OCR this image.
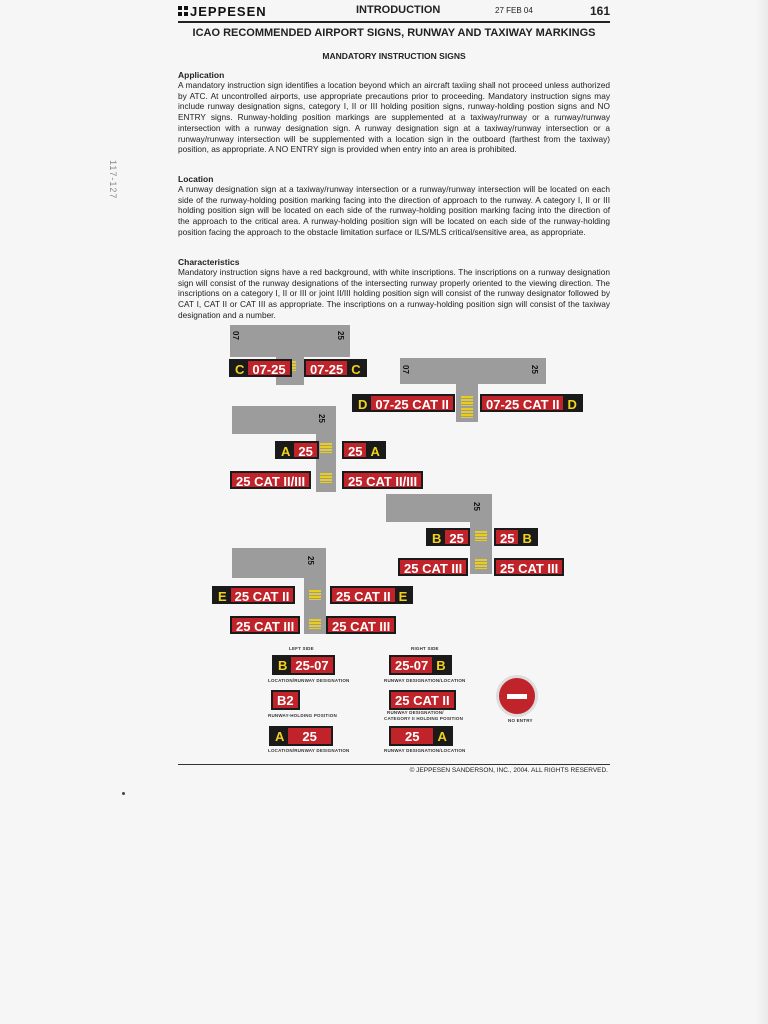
117-127
JEPPESEN	INTRODUCTION	27 FEB 04	161
ICAO RECOMMENDED AIRPORT SIGNS, RUNWAY AND TAXIWAY MARKINGS
MANDATORY INSTRUCTION SIGNS
Application
A mandatory instruction sign identifies a location beyond which an aircraft taxiing shall not proceed unless authorized by ATC. At uncontrolled airports, use appropriate precautions prior to proceeding. Mandatory instruction signs may include runway designation signs, category I, II or III holding position signs, runway-holding postion signs and NO ENTRY signs. Runway-holding position markings are supplemented at a taxiway/runway or a runway/runway intersection with a runway designation sign. A runway designation sign at a taxiway/runway intersection or a runway/runway intersection will be supplemented with a location sign in the outboard (farthest from the taxiway) position, as appropriate. A NO ENTRY sign is provided when entry into an area is prohibited.
Location
A runway designation sign at a taxiway/runway intersection or a runway/runway intersection will be located on each side of the runway-holding position marking facing into the direction of approach to the runway. A category I, II or III holding position sign will be located on each side of the runway-holding position marking facing into the direction of the approach to the critical area. A runway-holding position sign will be located on each side of the runway-holding position facing the approach to the obstacle limitation surface or ILS/MLS critical/sensitive area, as appropriate.
Characteristics
Mandatory instruction signs have a red background, with white inscriptions. The inscriptions on a runway designation sign will consist of the runway designations of the intersecting runway properly oriented to the viewing direction. The inscriptions on a category I, II or III or joint II/III holding position sign will consist of the runway designator followed by CAT I, CAT II or CAT III as appropriate. The inscriptions on a runway-holding position sign will consist of the taxiway designation and a number.
07	25
C 07-25	07-25 C	07	25
D 07-25 CAT II	07-25 CAT II D
25
A 25	25 A
25 CAT II/III	25 CAT II/III
25
B 25	25 B
25 CAT III	25 CAT III
25
E 25 CAT II	25 CAT II E
25 CAT III	25 CAT III
LEFT SIDE	RIGHT SIDE
B 25-07
LOCATION/RUNWAY DESIGNATION
25-07 B
RUNWAY DESIGNATION/LOCATION
B2
RUNWAY-HOLDING POSITION
25 CAT II
RUNWAY DESIGNATION/
CATEGORY II HOLDING POSITION	NO ENTRY
A	25
LOCATION/RUNWAY DESIGNATION
25	A
RUNWAY DESIGNATION/LOCATION
© JEPPESEN SANDERSON, INC., 2004. ALL RIGHTS RESERVED.
